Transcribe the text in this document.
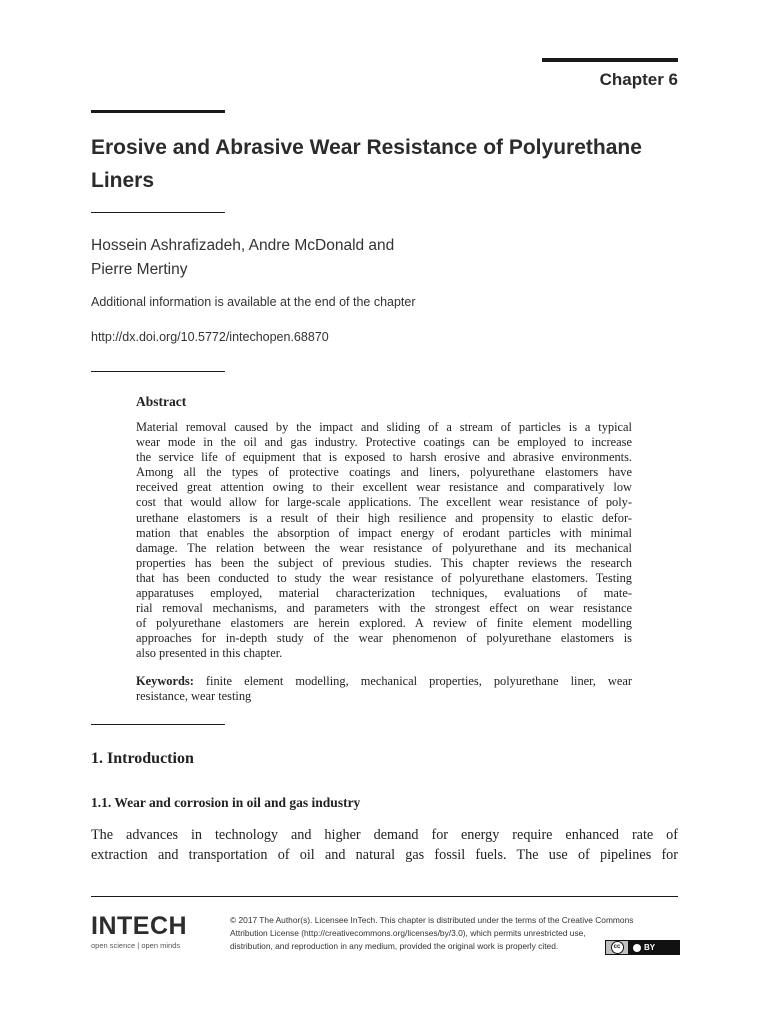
Chapter 6
Erosive and Abrasive Wear Resistance of Polyurethane Liners
Hossein Ashrafizadeh, Andre McDonald and
Pierre Mertiny
Additional information is available at the end of the chapter
http://dx.doi.org/10.5772/intechopen.68870
Abstract
Material removal caused by the impact and sliding of a stream of particles is a typical
wear mode in the oil and gas industry. Protective coatings can be employed to increase
the service life of equipment that is exposed to harsh erosive and abrasive environments.
Among all the types of protective coatings and liners, polyurethane elastomers have
received great attention owing to their excellent wear resistance and comparatively low
cost that would allow for large-scale applications. The excellent wear resistance of poly-
urethane elastomers is a result of their high resilience and propensity to elastic defor-
mation that enables the absorption of impact energy of erodant particles with minimal
damage. The relation between the wear resistance of polyurethane and its mechanical
properties has been the subject of previous studies. This chapter reviews the research
that has been conducted to study the wear resistance of polyurethane elastomers. Testing
apparatuses employed, material characterization techniques, evaluations of mate-
rial removal mechanisms, and parameters with the strongest effect on wear resistance
of polyurethane elastomers are herein explored. A review of finite element modelling
approaches for in-depth study of the wear phenomenon of polyurethane elastomers is
also presented in this chapter.
Keywords: finite element modelling, mechanical properties, polyurethane liner, wear
resistance, wear testing
1. Introduction
1.1. Wear and corrosion in oil and gas industry
The advances in technology and higher demand for energy require enhanced rate of
extraction and transportation of oil and natural gas fossil fuels. The use of pipelines for
INTECH
open science | open minds
© 2017 The Author(s). Licensee InTech. This chapter is distributed under the terms of the Creative Commons
Attribution License (http://creativecommons.org/licenses/by/3.0), which permits unrestricted use,
distribution, and reproduction in any medium, provided the original work is properly cited.	cc	BY
